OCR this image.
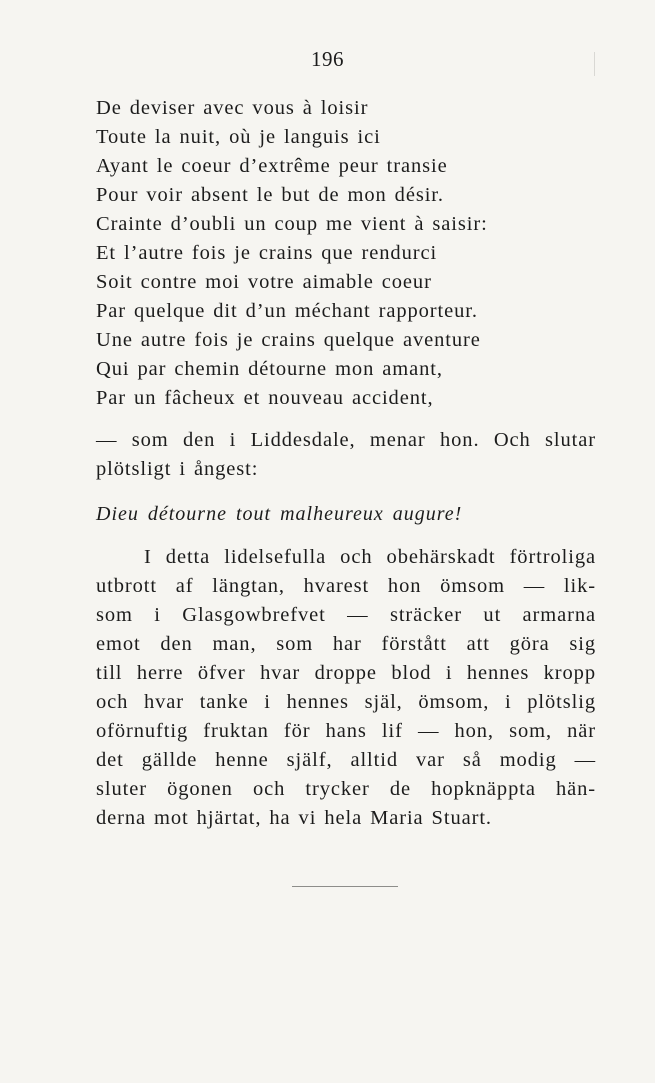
196
De deviser avec vous à loisir
Toute la nuit, où je languis ici
Ayant le coeur d’extrême peur transie
Pour voir absent le but de mon désir.
Crainte d’oubli un coup me vient à saisir:
Et l’autre fois je crains que rendurci
Soit contre moi votre aimable coeur
Par quelque dit d’un méchant rapporteur.
Une autre fois je crains quelque aventure
Qui par chemin détourne mon amant,
Par un fâcheux et nouveau accident,

— som den i Liddesdale, menar hon. Och slutar
plötsligt i ångest:

Dieu détourne tout malheureux augure!

I detta lidelsefulla och obehärskadt förtroliga
utbrott af längtan, hvarest hon ömsom — lik-
som i Glasgowbrefvet — sträcker ut armarna
emot den man, som har förstått att göra sig
till herre öfver hvar droppe blod i hennes kropp
och hvar tanke i hennes själ, ömsom, i plötslig
oförnuftig fruktan för hans lif — hon, som, när
det gällde henne själf, alltid var så modig —
sluter ögonen och trycker de hopknäppta hän-
derna mot hjärtat, ha vi hela Maria Stuart.
